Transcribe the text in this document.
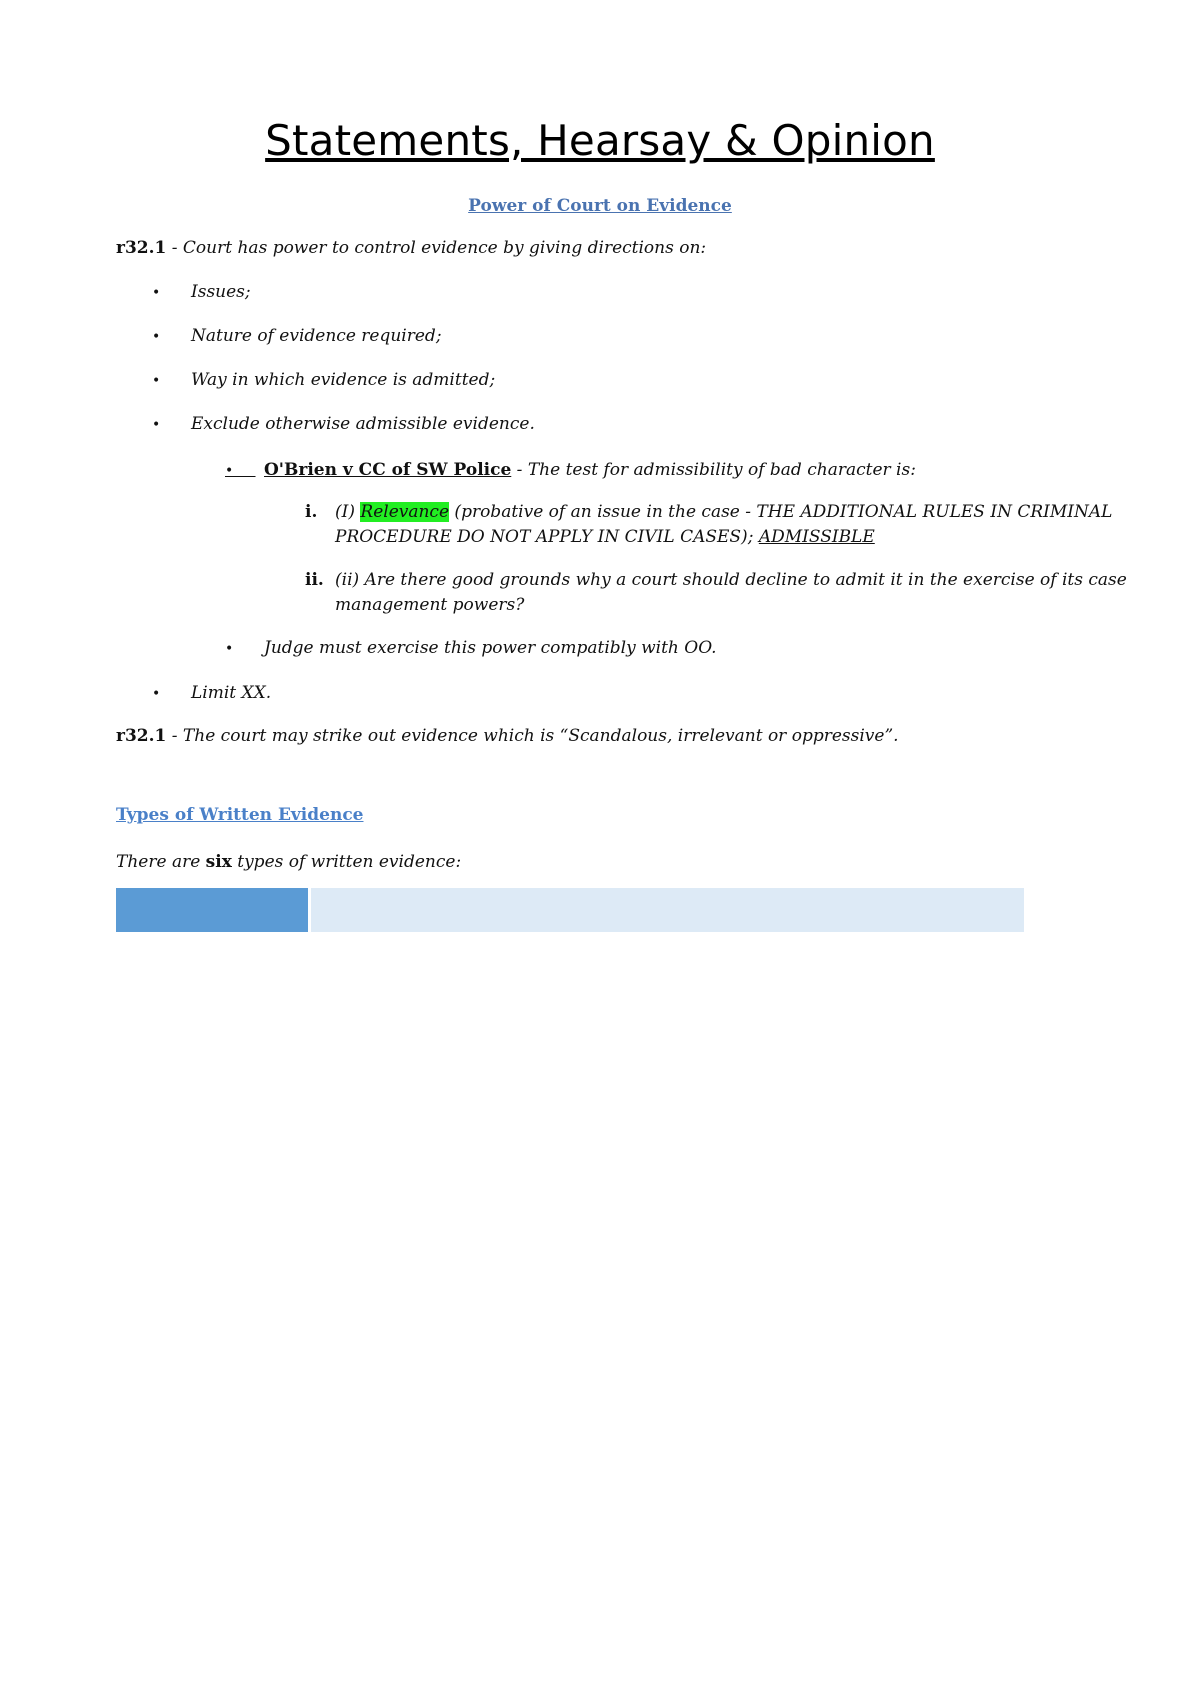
Statements, Hearsay & Opinion
Power of Court on Evidence
r32.1 - Court has power to control evidence by giving directions on:
• Issues;
• Nature of evidence required;
• Way in which evidence is admitted;
• Exclude otherwise admissible evidence.
• O'Brien v CC of SW Police - The test for admissibility of bad character is:
i. (I) Relevance (probative of an issue in the case - THE ADDITIONAL RULES IN CRIMINAL
PROCEDURE DO NOT APPLY IN CIVIL CASES); ADMISSIBLE
ii. (ii) Are there good grounds why a court should decline to admit it in the exercise of its case
management powers?
• Judge must exercise this power compatibly with OO.
• Limit XX.
r32.1 - The court may strike out evidence which is “Scandalous, irrelevant or oppressive”.
Types of Written Evidence
There are six types of written evidence:
